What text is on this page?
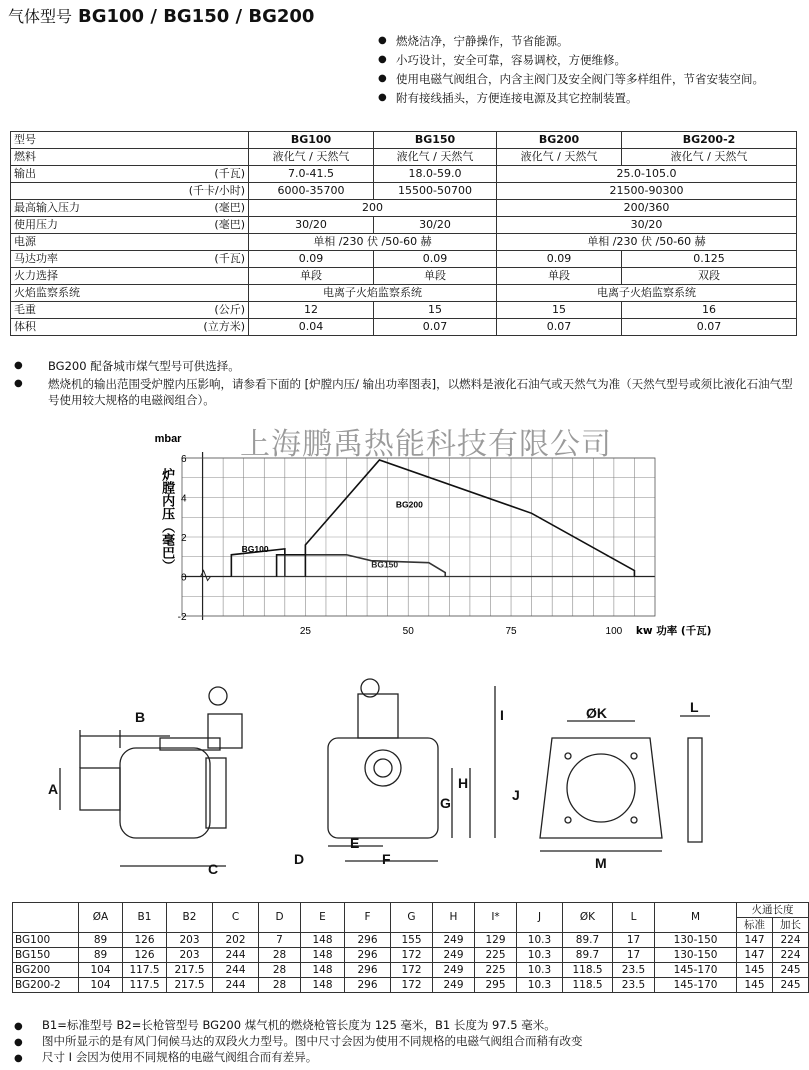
气体型号 BG100 / BG150 / BG200
● 燃烧洁净，宁静操作，节省能源。
● 小巧设计，安全可靠，容易调校，方便维修。
● 使用电磁气阀组合，内含主阀门及安全阀门等多样组件，节省安装空间。
● 附有接线插头，方便连接电源及其它控制装置。
型号		BG100	BG150	BG200	BG200-2
燃料		液化气 / 天然气	液化气 / 天然气	液化气 / 天然气	液化气 / 天然气
输出	(千瓦)	7.0-41.5	18.0-59.0	25.0-105.0	
	(千卡/小时)	6000-35700	15500-50700	21500-90300	
最高输入压力	(毫巴)	200		200/360	
使用压力	(毫巴)	30/20	30/20	30/20	
电源		单相 /230 伏 /50-60 赫		单相 /230 伏 /50-60 赫	
马达功率	(千瓦)	0.09	0.09	0.09	0.125
火力选择		单段	单段	单段	双段
火焰监察系统		电离子火焰监察系统		电离子火焰监察系统	
毛重	(公斤)	12	15	15	16
体积	(立方米)	0.04	0.07	0.07	0.07
●	BG200 配备城市煤气型号可供选择。
●	燃烧机的输出范围受炉膛内压影响，请参看下面的 [炉膛内压/ 输出功率图表]，以燃料是液化石油气或天然气为准（天然气型号或须比液化石油气型号使用较大规格的电磁阀组合）。
6
4
2
0
-2
25	50	75	100
mbar
炉膛内压（毫巴）
kw 功率 (千瓦)
BG100
BG150
BG200
上海鹏禹热能科技有限公司
A
B
C
D
E
F
G
H
I
J
ØK	L
M
	ØA	B1	B2	C	D	E	F	G	H	I*	J	ØK	L	M	火通长度	
															标准	加长
BG100	89	126	203	202	7	148	296	155	249	129	10.3	89.7	17	130-150	147	224
BG150	89	126	203	244	28	148	296	172	249	225	10.3	89.7	17	130-150	147	224
BG200	104	117.5	217.5	244	28	148	296	172	249	225	10.3	118.5	23.5	145-170	145	245
BG200-2	104	117.5	217.5	244	28	148	296	172	249	295	10.3	118.5	23.5	145-170	145	245
● B1=标准型号 B2=长枪管型号 BG200 煤气机的燃烧枪管长度为 125 毫米，B1 长度为 97.5 毫米。
● 图中所显示的是有风门伺候马达的双段火力型号。图中尺寸会因为使用不同规格的电磁气阀组合而稍有改变
● 尺寸 I 会因为使用不同规格的电磁气阀组合而有差异。
